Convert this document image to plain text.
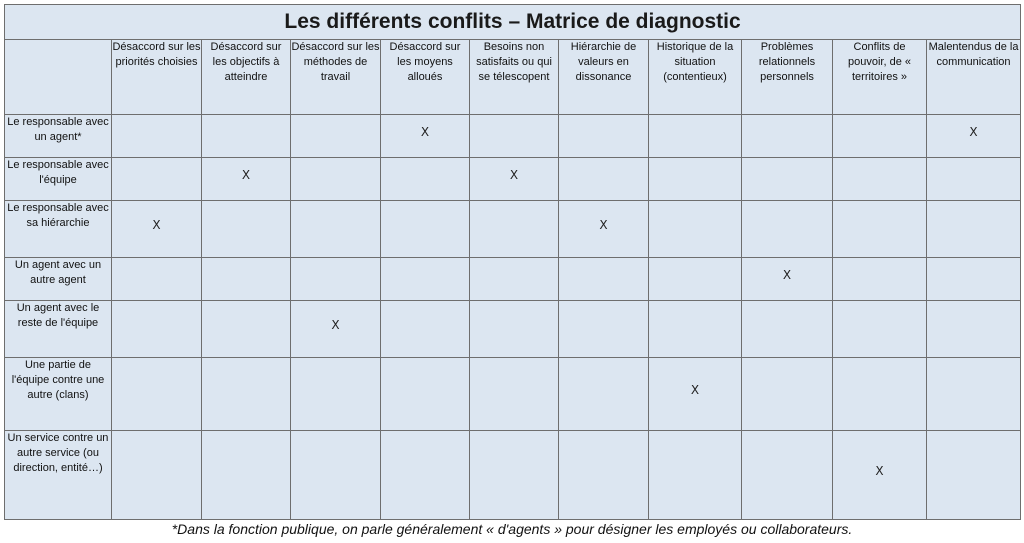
Les différents conflits – Matrice de diagnostic										
	Désaccord sur les priorités choisies	Désaccord sur les objectifs à atteindre	Désaccord sur les méthodes de travail	Désaccord sur les moyens alloués	Besoins non satisfaits ou qui se télescopent	Hiérarchie de valeurs en dissonance	Historique de la situation (contentieux)	Problèmes relationnels personnels	Conflits de pouvoir, de « territoires »	Malentendus de la communication
Le responsable avec un agent*				X						X
Le responsable avec l'équipe		X			X					
Le responsable avec sa hiérarchie	X					X				
Un agent avec un autre agent								X		
Un agent avec le reste de l'équipe			X							
Une partie de l'équipe contre une autre (clans)							X			
Un service contre un autre service (ou direction, entité…)									X	
*Dans la fonction publique, on parle généralement « d'agents » pour désigner les employés ou collaborateurs.
